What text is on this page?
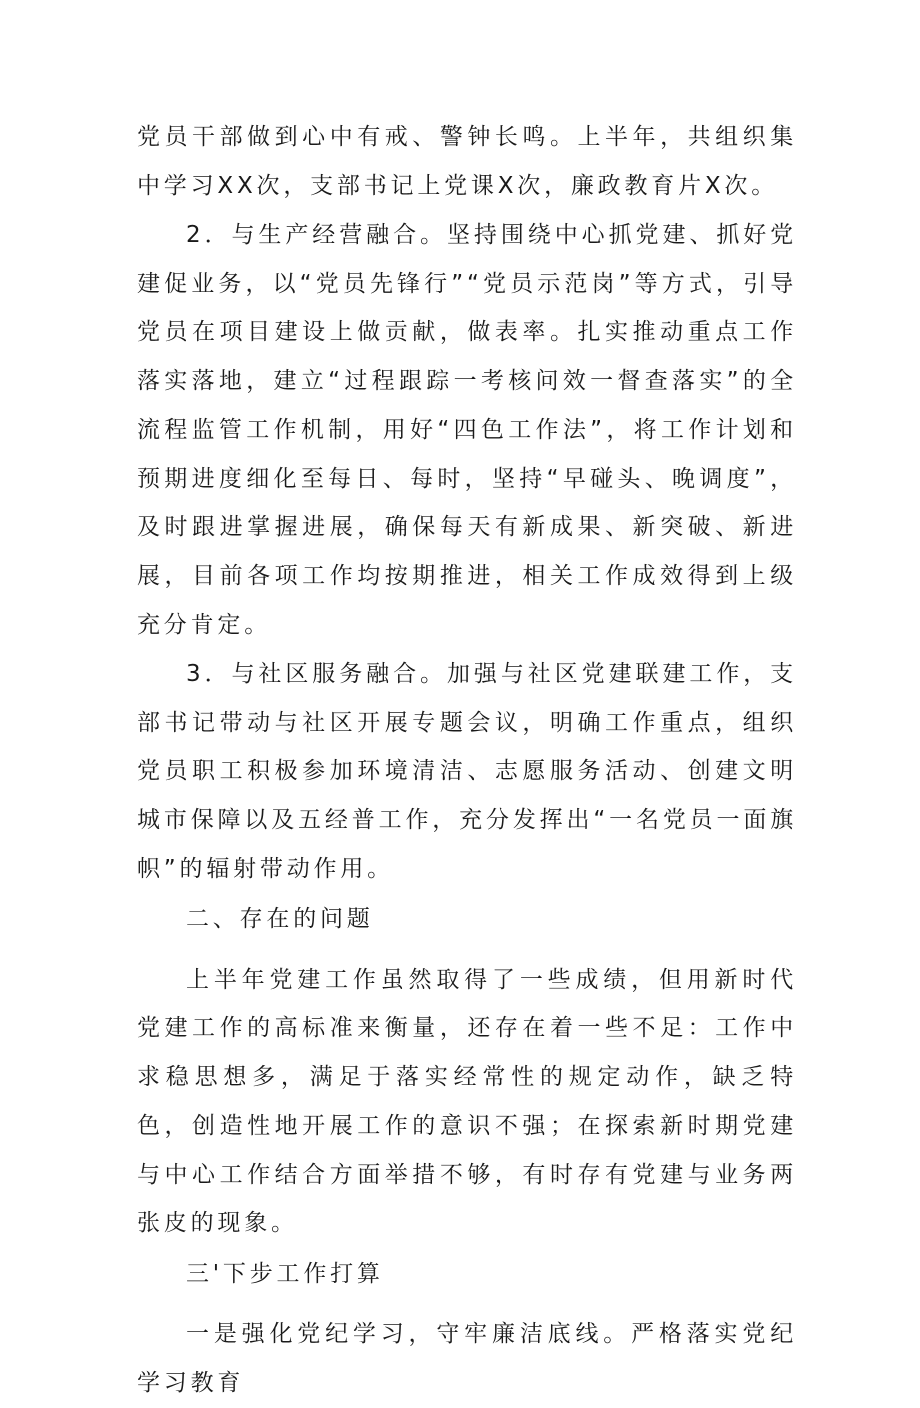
党员干部做到心中有戒、警钟长鸣。上半年，共组织集中学习XX次，支部书记上党课X次，廉政教育片X次。

2．与生产经营融合。坚持围绕中心抓党建、抓好党建促业务，以“党员先锋行”“党员示范岗”等方式，引导党员在项目建设上做贡献，做表率。扎实推动重点工作落实落地，建立“过程跟踪一考核问效一督查落实”的全流程监管工作机制，用好“四色工作法”，将工作计划和预期进度细化至每日、每时，坚持“早碰头、晚调度”，及时跟进掌握进展，确保每天有新成果、新突破、新进展，目前各项工作均按期推进，相关工作成效得到上级充分肯定。

3．与社区服务融合。加强与社区党建联建工作，支部书记带动与社区开展专题会议，明确工作重点，组织党员职工积极参加环境清洁、志愿服务活动、创建文明城市保障以及五经普工作，充分发挥出“一名党员一面旗帜”的辐射带动作用。

二、存在的问题

上半年党建工作虽然取得了一些成绩，但用新时代党建工作的高标准来衡量，还存在着一些不足：工作中求稳思想多，满足于落实经常性的规定动作，缺乏特色，创造性地开展工作的意识不强；在探索新时期党建与中心工作结合方面举措不够，有时存有党建与业务两张皮的现象。

三'下步工作打算

一是强化党纪学习，守牢廉洁底线。严格落实党纪学习教育
